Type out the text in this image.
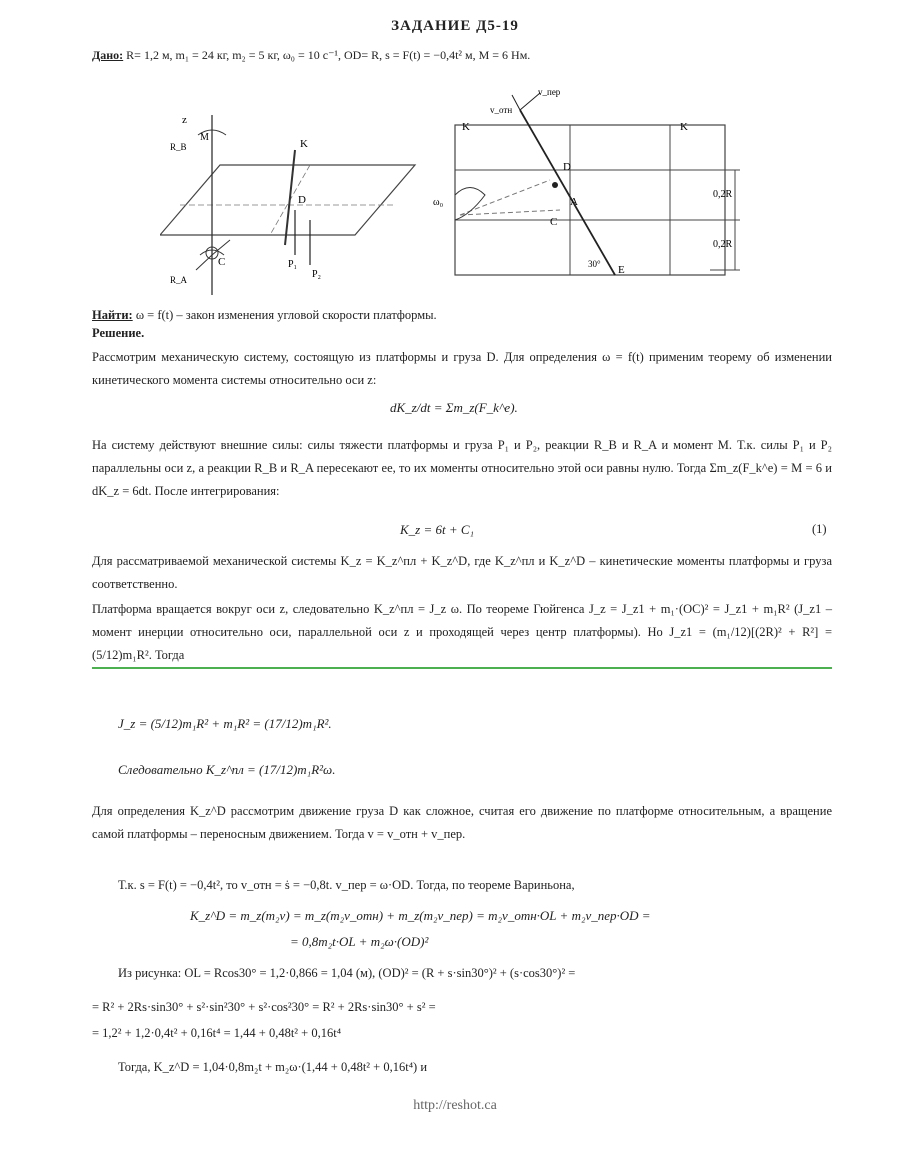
ЗАДАНИЕ Д5-19
Дано: R= 1,2 м, m₁ = 24 кг, m₂ = 5 кг, ω₀ = 10 с⁻¹, OD= R, s = F(t) = −0,4t² м, M = 6 Нм.
z
K
D
C	P₁
P₂
M
R_B
R_A
K	K
D
A
C
E
0,2R
0,2R
ω₀
v_отн
v_пер
30°
Найти: ω = f(t) – закон изменения угловой скорости платформы.
Решение.
Рассмотрим механическую систему, состоящую из платформы и груза D. Для определения ω = f(t) применим теорему об изменении кинетического момента системы относительно оси z:
dK_z/dt = Σm_z(F_k^e).
На систему действуют внешние силы: силы тяжести платформы и груза P₁ и P₂, реакции R_B и R_A и момент M. Т.к. силы P₁ и P₂ параллельны оси z, а реакции R_B и R_A пересекают ее, то их моменты относительно этой оси равны нулю. Тогда Σm_z(F_k^e) = M = 6 и dK_z = 6dt. После интегрирования:
K_z = 6t + C₁	(1)
Для рассматриваемой механической системы K_z = K_z^пл + K_z^D, где K_z^пл и K_z^D – кинетические моменты платформы и груза соответственно.
Платформа вращается вокруг оси z, следовательно K_z^пл = J_z ω. По теореме Гюйгенса J_z = J_z1 + m₁·(OC)² = J_z1 + m₁R² (J_z1 – момент инерции относительно оси, параллельной оси z и проходящей через центр платформы). Но J_z1 = (m₁/12)[(2R)² + R²] = (5/12)m₁R². Тогда
J_z = (5/12)m₁R² + m₁R² = (17/12)m₁R².
Следовательно K_z^пл = (17/12)m₁R²ω.
Для определения K_z^D рассмотрим движение груза D как сложное, считая его движение по платформе относительным, а вращение самой платформы – переносным движением. Тогда v = v_отн + v_пер.
Т.к. s = F(t) = −0,4t², то v_отн = ṡ = −0,8t. v_пер = ω·OD. Тогда, по теореме Вариньона,
K_z^D = m_z(m₂v) = m_z(m₂v_отн) + m_z(m₂v_пер) = m₂v_отн·OL + m₂v_пер·OD =
= 0,8m₂t·OL + m₂ω·(OD)²
Из рисунка: OL = Rcos30° = 1,2·0,866 = 1,04 (м), (OD)² = (R + s·sin30°)² + (s·cos30°)² =
= R² + 2Rs·sin30° + s²·sin²30° + s²·cos²30° = R² + 2Rs·sin30° + s² =
= 1,2² + 1,2·0,4t² + 0,16t⁴ = 1,44 + 0,48t² + 0,16t⁴
Тогда, K_z^D = 1,04·0,8m₂t + m₂ω·(1,44 + 0,48t² + 0,16t⁴) и
http://reshot.ca
